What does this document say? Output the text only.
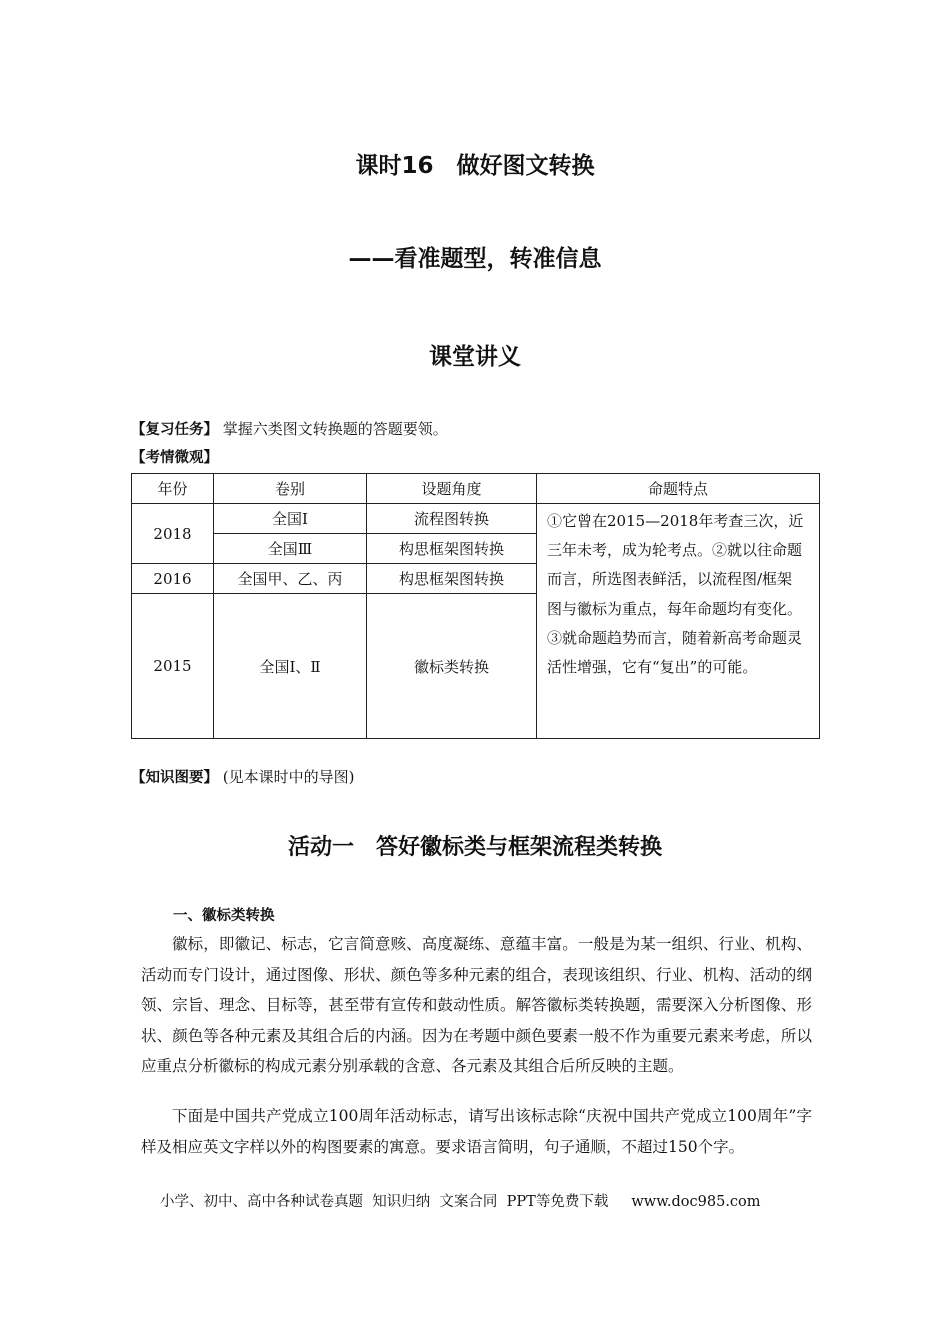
课时16　做好图文转换
——看准题型，转准信息
课堂讲义
【复习任务】 掌握六类图文转换题的答题要领。
【考情微观】
年份	卷别	设题角度	命题特点
2018	全国Ⅰ	流程图转换	①它曾在2015—2018年考查三次，近三年未考，成为轮考点。②就以往命题而言，所选图表鲜活，以流程图/框架图与徽标为重点，每年命题均有变化。③就命题趋势而言，随着新高考命题灵活性增强，它有“复出”的可能。
	全国Ⅲ	构思框架图转换	
2016	全国甲、乙、丙	构思框架图转换	
2015	全国Ⅰ、Ⅱ	徽标类转换	
【知识图要】 (见本课时中的导图)
活动一　答好徽标类与框架流程类转换
一、徽标类转换

徽标，即徽记、标志，它言简意赅、高度凝练、意蕴丰富。一般是为某一组织、行业、机构、活动而专门设计，通过图像、形状、颜色等多种元素的组合，表现该组织、行业、机构、活动的纲领、宗旨、理念、目标等，甚至带有宣传和鼓动性质。解答徽标类转换题，需要深入分析图像、形状、颜色等各种元素及其组合后的内涵。因为在考题中颜色要素一般不作为重要元素来考虑，所以应重点分析徽标的构成元素分别承载的含意、各元素及其组合后所反映的主题。

下面是中国共产党成立100周年活动标志，请写出该标志除“庆祝中国共产党成立100周年”字样及相应英文字样以外的构图要素的寓意。要求语言简明，句子通顺，不超过150个字。

小学、初中、高中各种试卷真题  知识归纳  文案合同  PPT等免费下载     www.doc985.com
